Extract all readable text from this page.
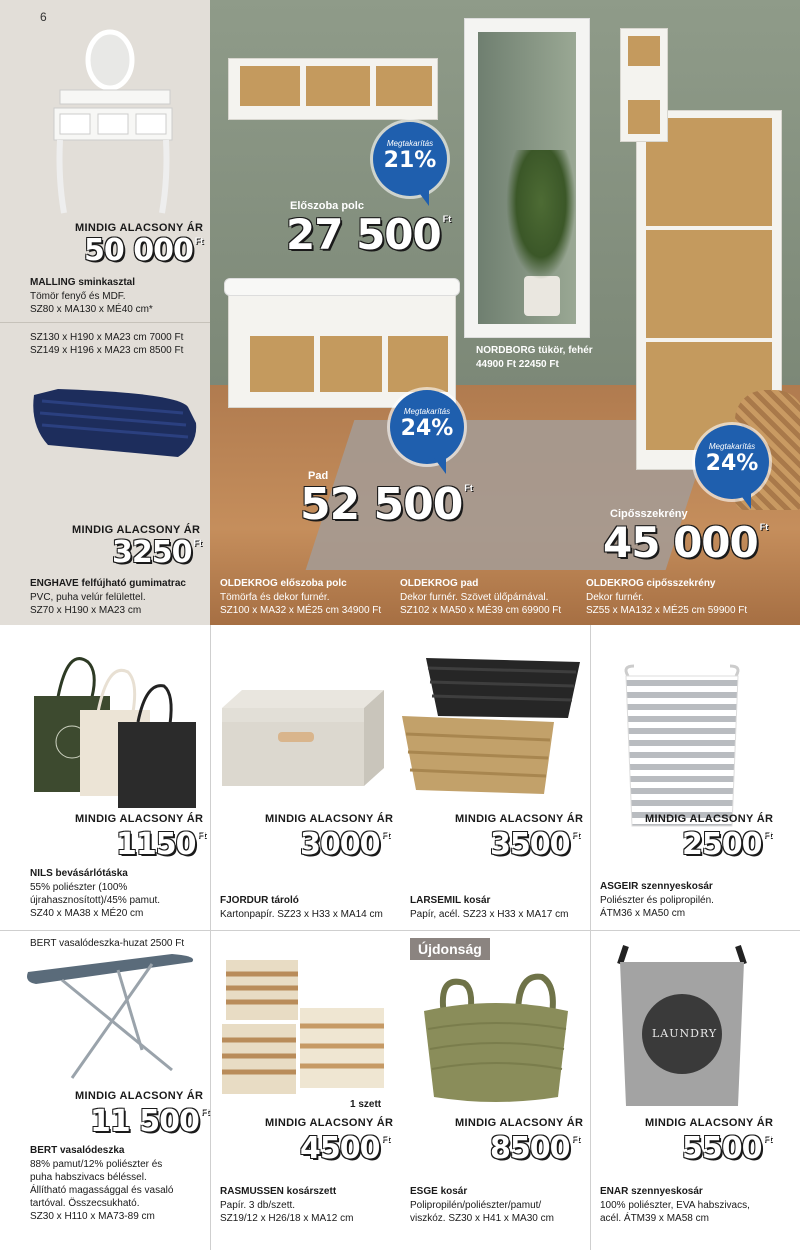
6
MINDIG ALACSONY ÁR
50 000 $^{Ft}$
MALLING sminkasztal
Tömör fenyő és MDF.
SZ80 x MA130 x MÉ40 cm*
SZ130 x H190 x MA23 cm 7000 Ft
SZ149 x H196 x MA23 cm 8500 Ft
MINDIG ALACSONY ÁR
3250 $^{Ft}$
ENGHAVE felfújható gumimatrac
PVC, puha velúr felülettel.
SZ70 x H190 x MA23 cm
Megtakarítás
21%
Előszoba polc
27 500 $^{Ft}$
NORDBORG tükör, fehér
44900 Ft 22450 Ft
Megtakarítás
24%
Pad
52 500 $^{Ft}$
Megtakarítás
24%
Cipősszekrény
45 000 $^{Ft}$
OLDEKROG előszoba polc
Tömörfa és dekor furnér.
SZ100 x MA32 x MÉ25 cm 34900 Ft
OLDEKROG pad
Dekor furnér. Szövet ülőpárnával.
SZ102 x MA50 x MÉ39 cm 69900 Ft
OLDEKROG cipősszekrény
Dekor furnér.
SZ55 x MA132 x MÉ25 cm 59900 Ft
MINDIG ALACSONY ÁR
1150 $^{Ft}$
NILS bevásárlótáska
55% poliészter (100%
újrahasznosított)/45% pamut.
SZ40 x MA38 x MÉ20 cm
MINDIG ALACSONY ÁR
3000 $^{Ft}$
FJORDUR tároló
Kartonpapír. SZ23 x H33 x MA14 cm
MINDIG ALACSONY ÁR
3500 $^{Ft}$
LARSEMIL kosár
Papír, acél. SZ23 x H33 x MA17 cm
MINDIG ALACSONY ÁR
2500 $^{Ft}$
ASGEIR szennyeskosár
Poliészter és polipropilén.
ÁTM36 x MA50 cm
BERT vasalódeszka-huzat 2500 Ft
MINDIG ALACSONY ÁR
11 500 $^{Ft}$
BERT vasalódeszka
88% pamut/12% poliészter és
puha habszivacs béléssel.
Állítható magassággal és vasaló
tartóval. Összecsukható.
SZ30 x H110 x MA73-89 cm
1 szett
MINDIG ALACSONY ÁR
4500 $^{Ft}$
RASMUSSEN kosárszett
Papír. 3 db/szett.
SZ19/12 x H26/18 x MA12 cm
Újdonság
MINDIG ALACSONY ÁR
8500 $^{Ft}$
ESGE kosár
Polipropilén/poliészter/pamut/
viszkóz. SZ30 x H41 x MA30 cm
LAUNDRY
MINDIG ALACSONY ÁR
5500 $^{Ft}$
ENAR szennyeskosár
100% poliészter, EVA habszivacs,
acél. ÁTM39 x MA58 cm
